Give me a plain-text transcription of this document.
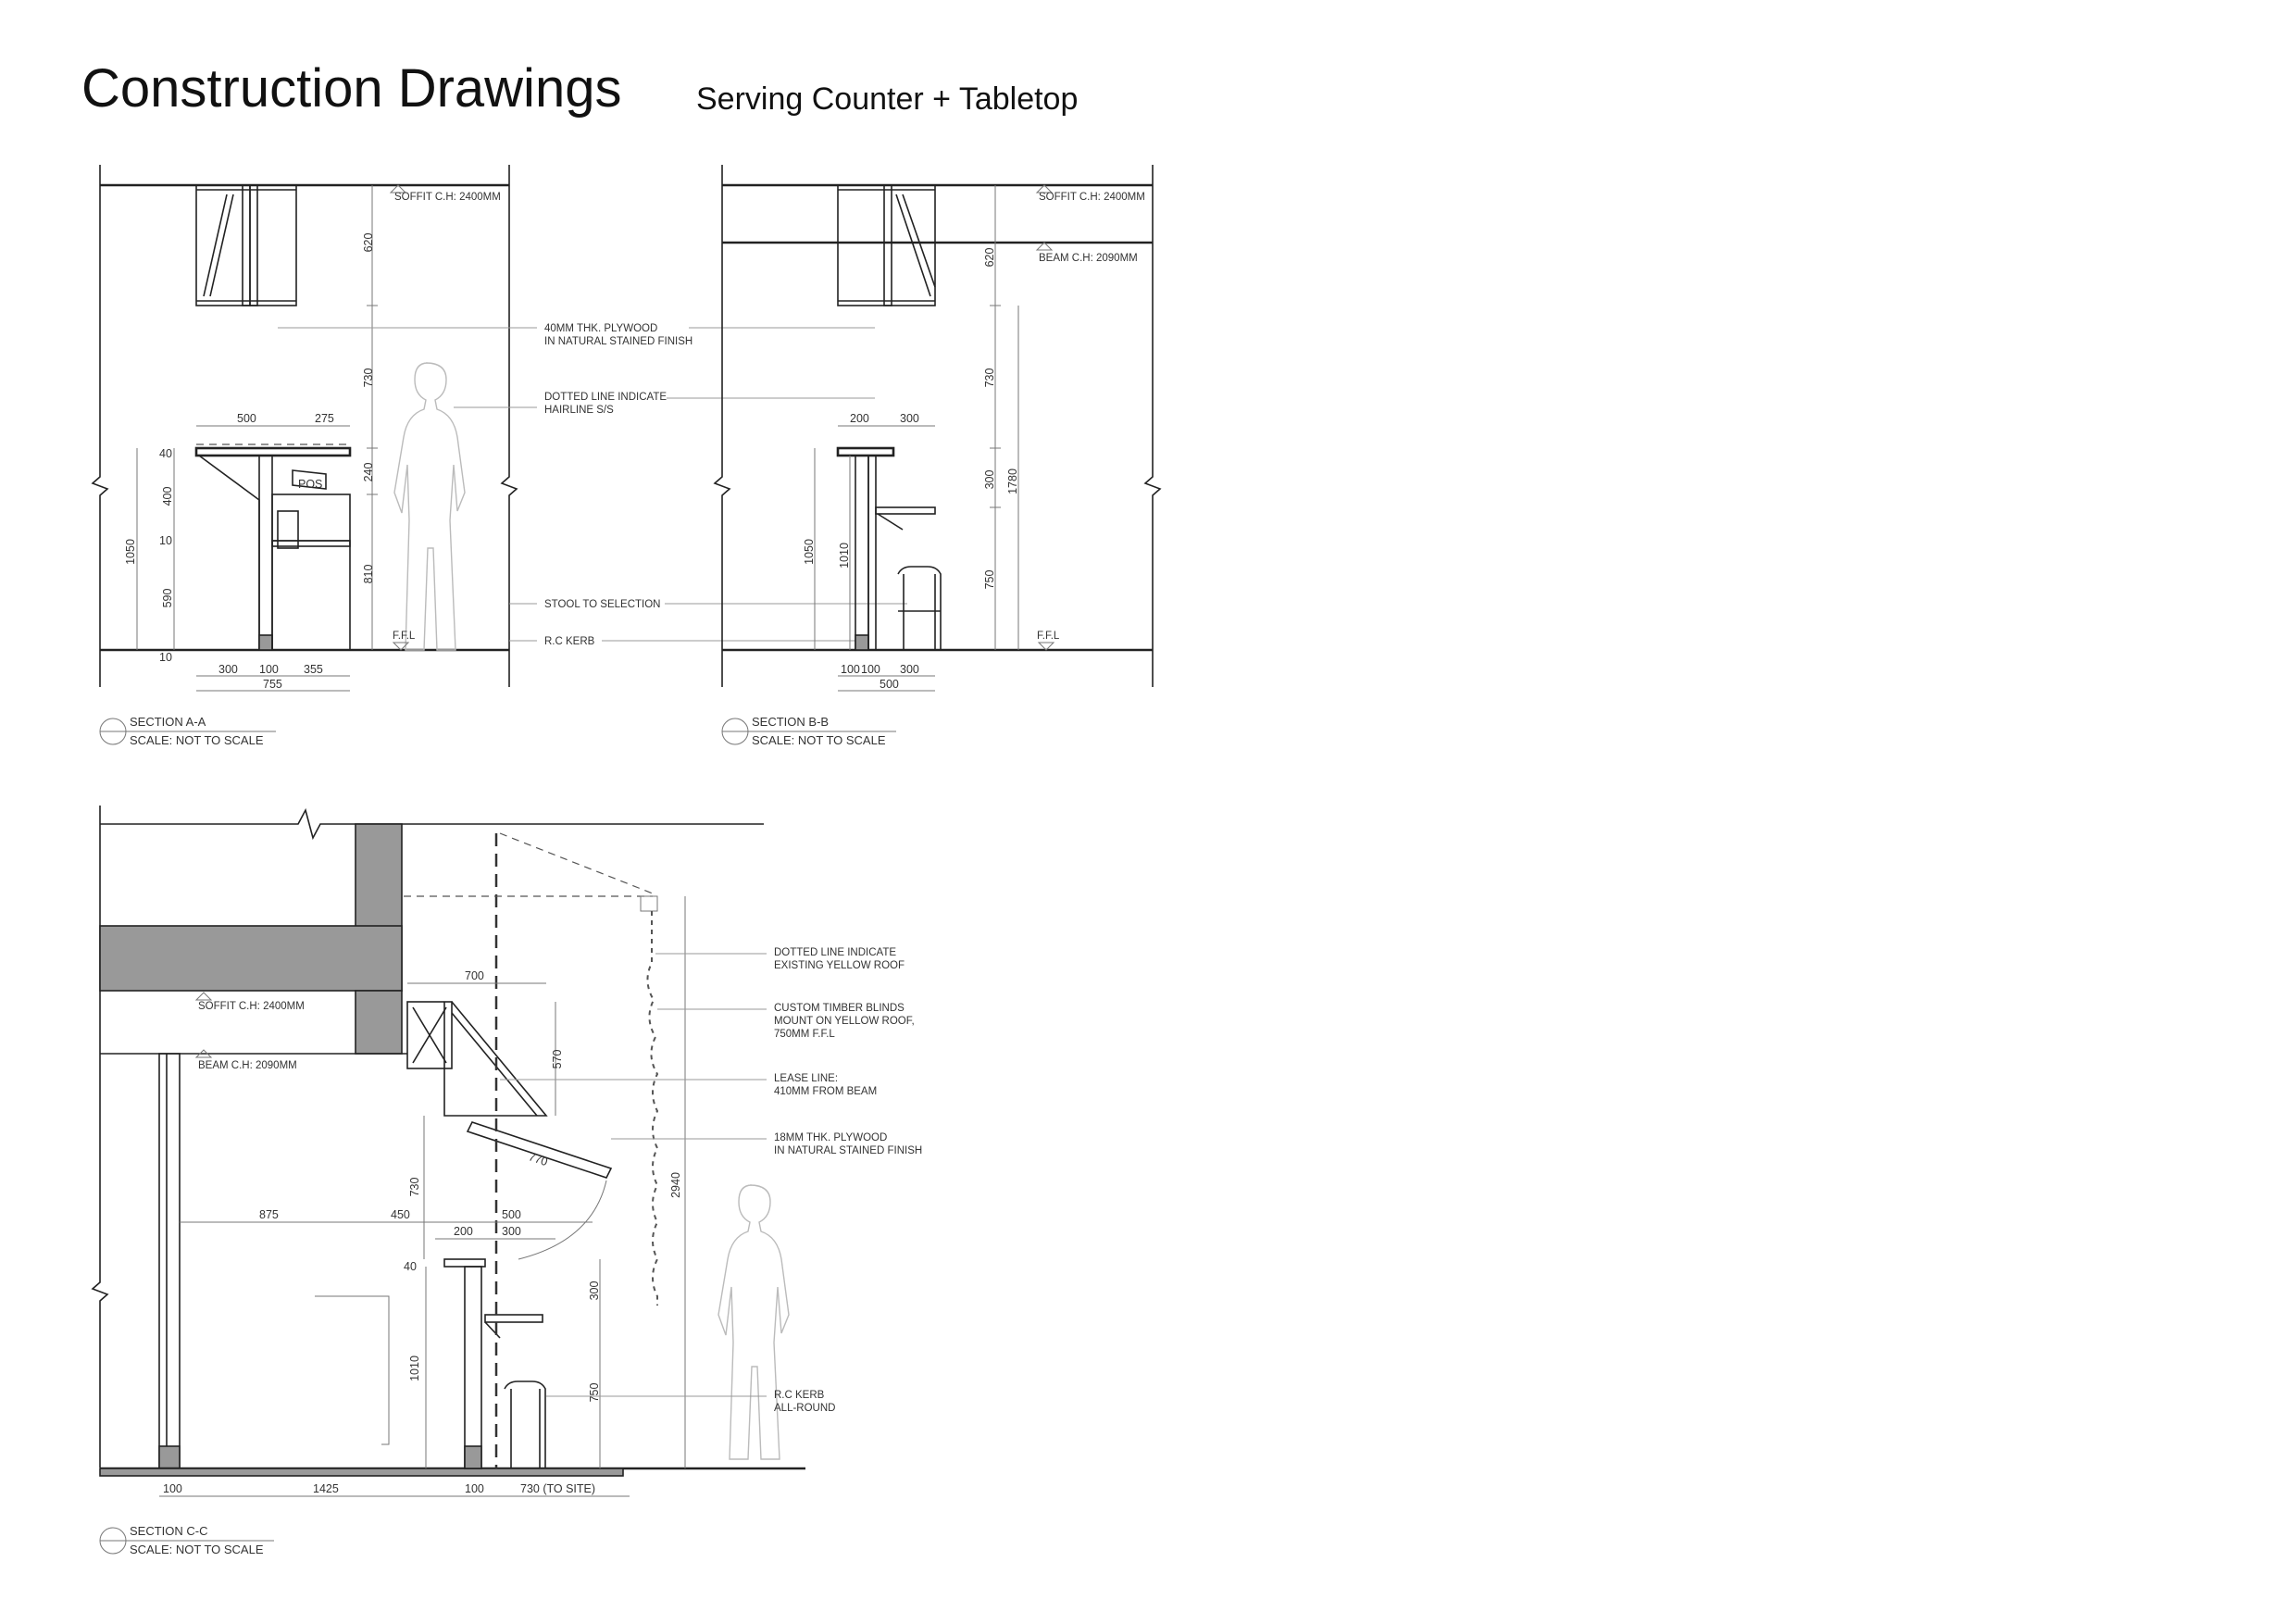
Construction Drawings Serving Counter + Tabletop
POS
620
730
240
810
500	275
1050
40
400
10
590
10
300 100 355
755
SOFFIT C.H: 2400MM
F.F.L
SECTION A-A
SCALE: NOT TO SCALE
40MM THK. PLYWOOD
IN NATURAL STAINED FINISH
DOTTED LINE INDICATE
HAIRLINE S/S
STOOL TO SELECTION
R.C KERB
620
730
300
750
1780
200	300
1050 1010
100 100 300
500
SOFFIT C.H: 2400MM
BEAM C.H: 2090MM
F.F.L
SECTION B-B
SCALE: NOT TO SCALE
700
570
770
730	2940
875	450	500
200 300
40
300
750
1010
100	1425	100	730 (TO SITE)
SOFFIT C.H: 2400MM
BEAM C.H: 2090MM
DOTTED LINE INDICATE
EXISTING YELLOW ROOF
CUSTOM TIMBER BLINDS
MOUNT ON YELLOW ROOF,
750MM F.F.L
LEASE LINE:
410MM FROM BEAM
18MM THK. PLYWOOD
IN NATURAL STAINED FINISH
R.C KERB
ALL-ROUND
SECTION C-C
SCALE: NOT TO SCALE
